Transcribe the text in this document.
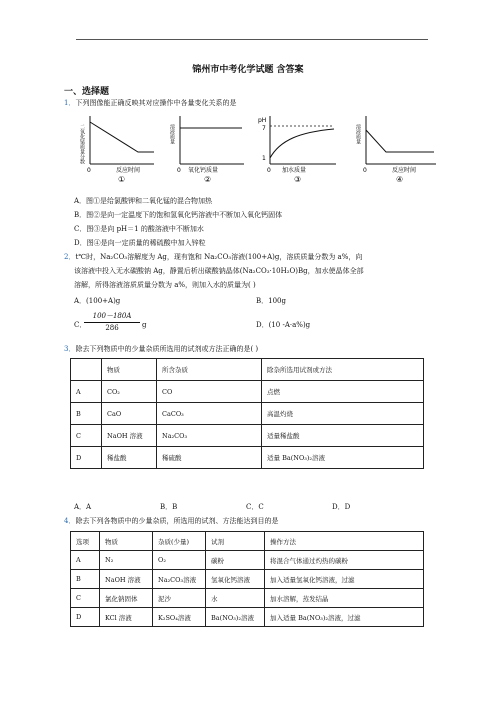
锦州市中考化学试题 含答案
一、选择题
1．下列图像能正确反映其对应操作中各量变化关系的是
二氧化锰质量分数
0	反应时间
①
溶液质量
0 氧化钙质量
②
pH
7
1
0 加水质量
③
溶液质量
0	反应时间
④
A．图①是给氯酸钾和二氧化锰的混合物加热
B．图②是向一定温度下的饱和氢氧化钙溶液中不断加入氧化钙固体
C．图③是向 pH＝1 的酸溶液中不断加水
D．图④是向一定质量的稀硫酸中加入锌粒
2．t℃时，Na₂CO₃溶解度为 Ag，现有饱和 Na₂CO₃溶液(100+A)g，溶质质量分数为 a%，向
该溶液中投入无水碳酸钠 Ag，静置后析出碳酸钠晶体(Na₂CO₃·10H₂O)Bg，加水使晶体全部
溶解，所得溶液溶质质量分数为 a%，则加入水的质量为( )
A．(100+A)g	B．100g
C．
$\frac{100-180A}{286}$ g	D．(10 -A·a%)g
3．除去下列物质中的少量杂质所选用的试剂或方法正确的是( )
	物质	所含杂质	除杂所选用试剂或方法
A	CO₂	CO	点燃
B	CaO	CaCO₃	高温灼烧
C	NaOH 溶液	Na₂CO₃	适量稀盐酸
D	稀盐酸	稀硫酸	适量 Ba(NO₃)₂溶液
A．A	B．B	C．C	D．D
4．除去下列各物质中的少量杂质，所选用的试剂、方法能达到目的是
选项	物质	杂质(少量)	试剂	操作方法
A	N₂	O₂	碳粉	将混合气体通过灼热的碳粉
B	NaOH 溶液	Na₂CO₃溶液	氢氧化钙溶液	加入适量氢氧化钙溶液，过滤
C	氯化钠固体	泥沙	水	加水溶解，蒸发结晶
D	KCl 溶液	K₂SO₄溶液	Ba(NO₃)₂溶液	加入适量 Ba(NO₃)₂溶液，过滤
